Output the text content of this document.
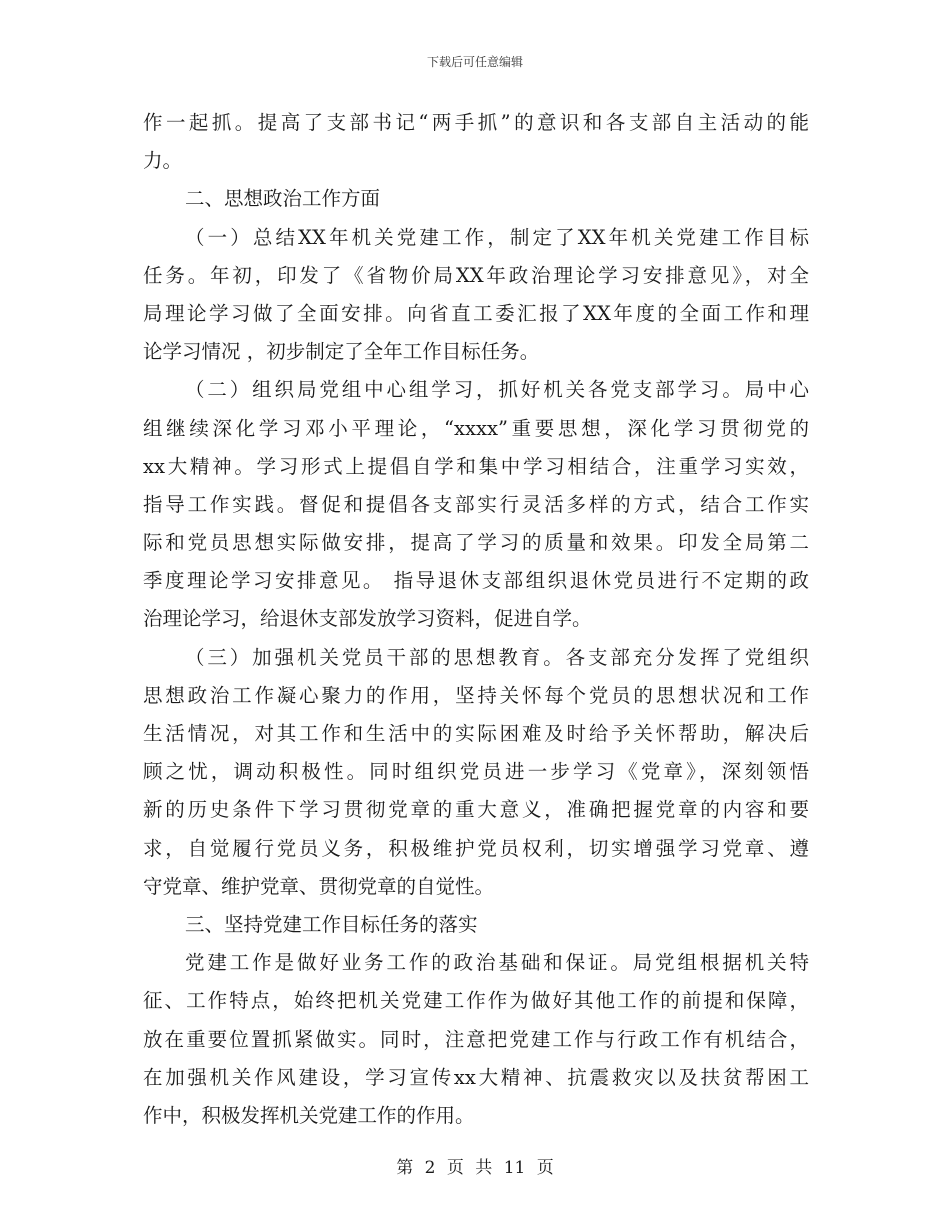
下载后可任意编辑
作一起抓。提高了支部书记“两手抓”的意识和各支部自主活动的能
力。
二、思想政治工作方面
（一）总结XX年机关党建工作，制定了XX年机关党建工作目标
任务。年初，印发了《省物价局XX年政治理论学习安排意见》，对全
局理论学习做了全面安排。向省直工委汇报了XX年度的全面工作和理
论学习情况 ，初步制定了全年工作目标任务。
（二）组织局党组中心组学习，抓好机关各党支部学习。局中心
组继续深化学习邓小平理论，“xxxx”重要思想，深化学习贯彻党的
xx大精神。学习形式上提倡自学和集中学习相结合，注重学习实效，
指导工作实践。督促和提倡各支部实行灵活多样的方式，结合工作实
际和党员思想实际做安排，提高了学习的质量和效果。印发全局第二
季度理论学习安排意见。 指导退休支部组织退休党员进行不定期的政
治理论学习，给退休支部发放学习资料，促进自学。
（三）加强机关党员干部的思想教育。各支部充分发挥了党组织
思想政治工作凝心聚力的作用，坚持关怀每个党员的思想状况和工作
生活情况，对其工作和生活中的实际困难及时给予关怀帮助，解决后
顾之忧，调动积极性。同时组织党员进一步学习《党章》，深刻领悟
新的历史条件下学习贯彻党章的重大意义，准确把握党章的内容和要
求，自觉履行党员义务，积极维护党员权利，切实增强学习党章、遵
守党章、维护党章、贯彻党章的自觉性。
三、坚持党建工作目标任务的落实
党建工作是做好业务工作的政治基础和保证。局党组根据机关特
征、工作特点，始终把机关党建工作作为做好其他工作的前提和保障，
放在重要位置抓紧做实。同时，注意把党建工作与行政工作有机结合，
在加强机关作风建设，学习宣传xx大精神、抗震救灾以及扶贫帮困工
作中，积极发挥机关党建工作的作用。
第 2 页 共 11 页
